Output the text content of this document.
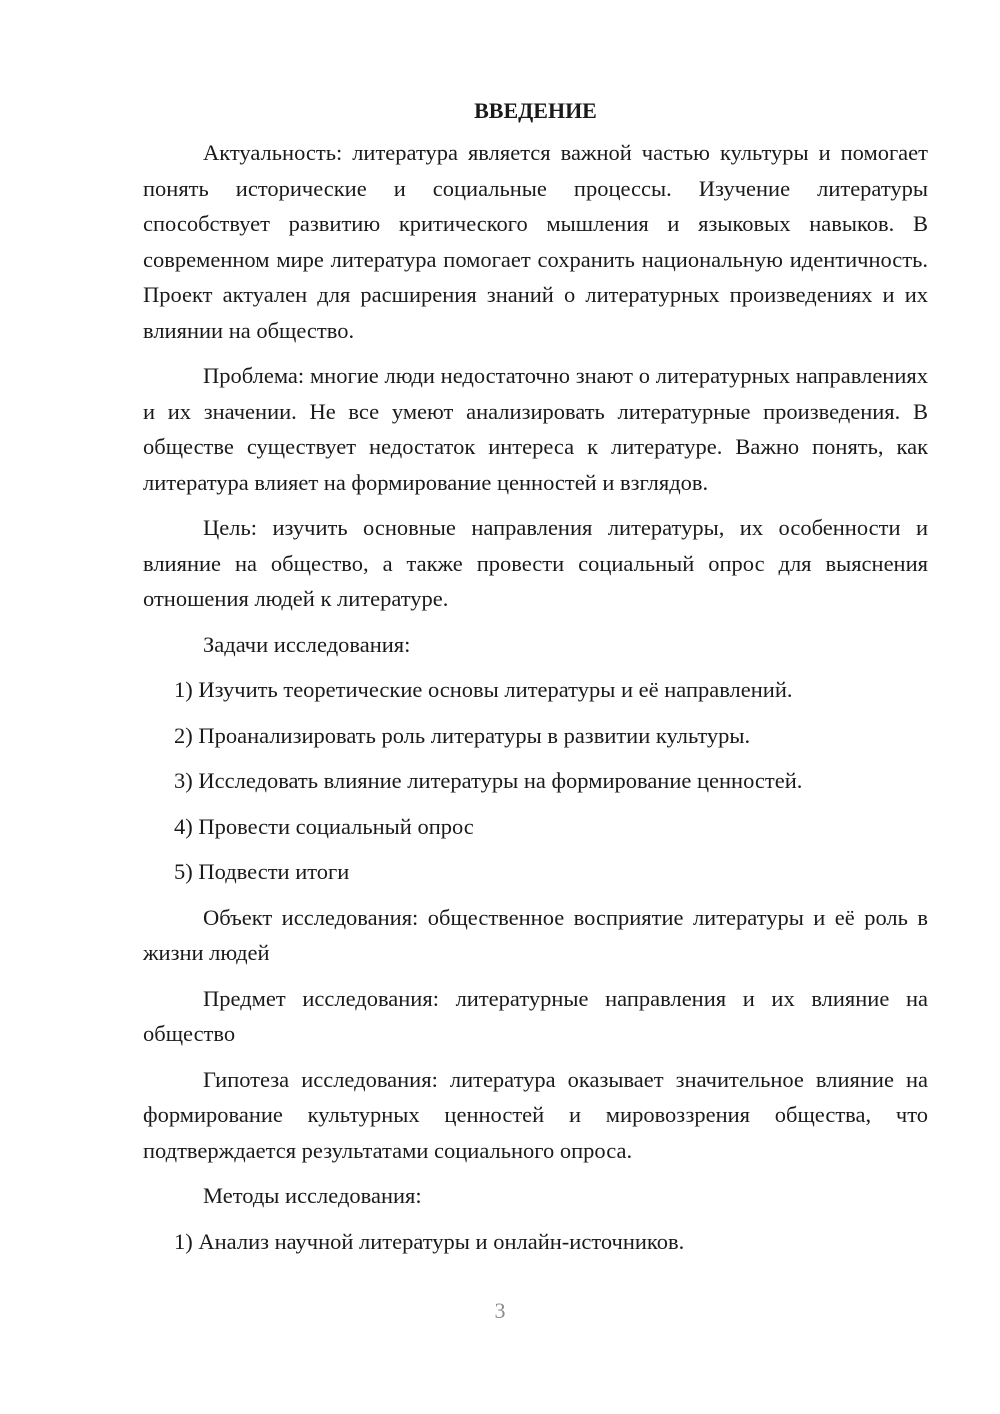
ВВЕДЕНИЕ

Актуальность: литература является важной частью культуры и помогает понять исторические и социальные процессы. Изучение литературы способствует развитию критического мышления и языковых навыков. В современном мире литература помогает сохранить национальную идентичность. Проект актуален для расширения знаний о литературных произведениях и их влиянии на общество.

Проблема: многие люди недостаточно знают о литературных направлениях и их значении. Не все умеют анализировать литературные произведения. В обществе существует недостаток интереса к литературе. Важно понять, как литература влияет на формирование ценностей и взглядов.

Цель: изучить основные направления литературы, их особенности и влияние на общество, а также провести социальный опрос для выяснения отношения людей к литературе.

Задачи исследования:
1) Изучить теоретические основы литературы и её направлений.
2) Проанализировать роль литературы в развитии культуры.
3) Исследовать влияние литературы на формирование ценностей.
4) Провести социальный опрос
5) Подвести итоги

Объект исследования: общественное восприятие литературы и её роль в жизни людей

Предмет исследования: литературные направления и их влияние на общество

Гипотеза исследования: литература оказывает значительное влияние на формирование культурных ценностей и мировоззрения общества, что подтверждается результатами социального опроса.

Методы исследования:
1) Анализ научной литературы и онлайн-источников.
3
